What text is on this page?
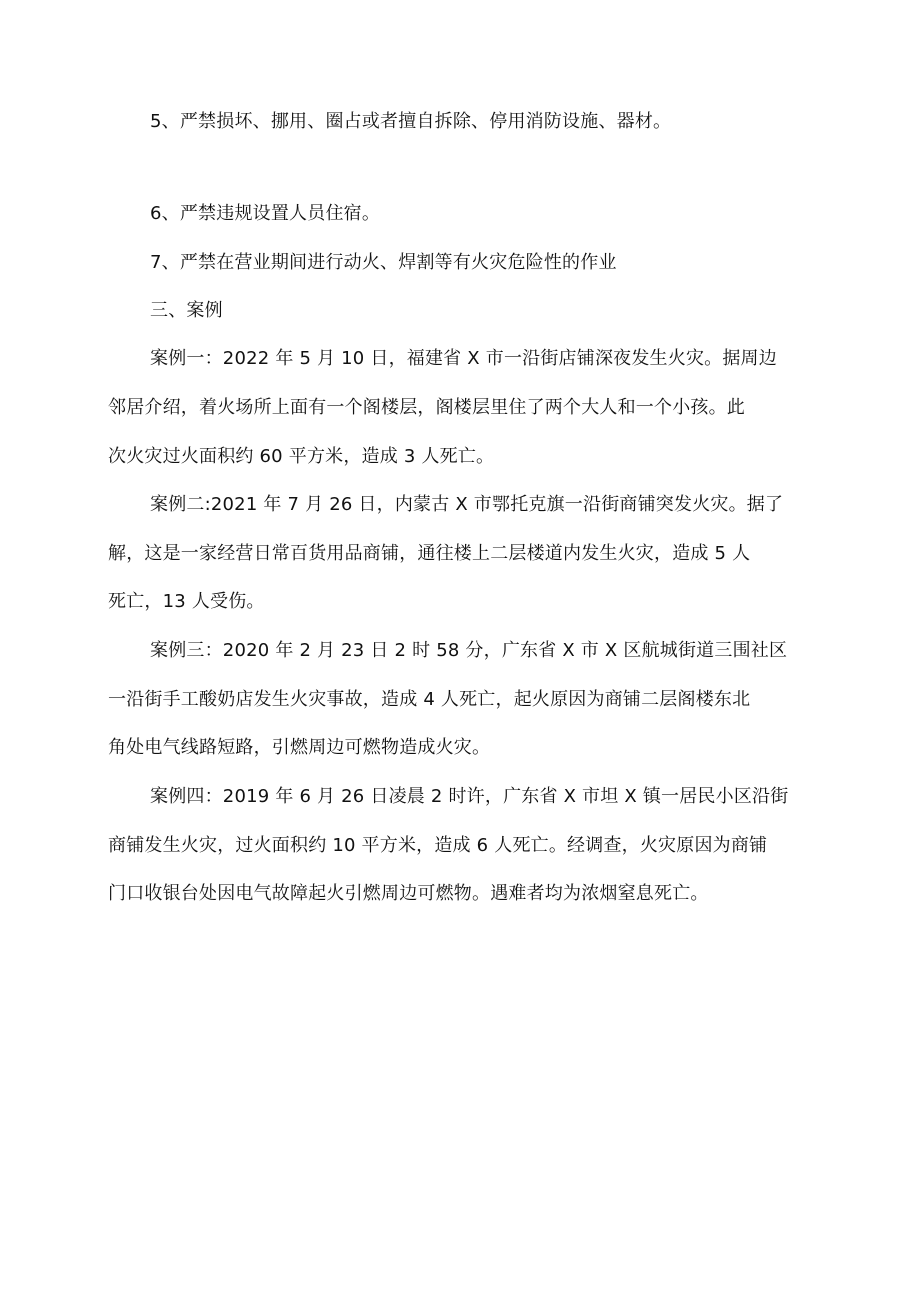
5、严禁损坏、挪用、圈占或者擅自拆除、停用消防设施、器材。
6、严禁违规设置人员住宿。
7、严禁在营业期间进行动火、焊割等有火灾危险性的作业
三、案例
案例一：2022 年 5 月 10 日，福建省 X 市一沿街店铺深夜发生火灾。据周边
邻居介绍，着火场所上面有一个阁楼层，阁楼层里住了两个大人和一个小孩。此
次火灾过火面积约 60 平方米，造成 3 人死亡。
案例二:2021 年 7 月 26 日，内蒙古 X 市鄂托克旗一沿街商铺突发火灾。据了
解，这是一家经营日常百货用品商铺，通往楼上二层楼道内发生火灾，造成 5 人
死亡，13 人受伤。
案例三：2020 年 2 月 23 日 2 时 58 分，广东省 X 市 X 区航城街道三围社区
一沿街手工酸奶店发生火灾事故，造成 4 人死亡，起火原因为商铺二层阁楼东北
角处电气线路短路，引燃周边可燃物造成火灾。
案例四：2019 年 6 月 26 日凌晨 2 时许，广东省 X 市坦 X 镇一居民小区沿街
商铺发生火灾，过火面积约 10 平方米，造成 6 人死亡。经调查，火灾原因为商铺
门口收银台处因电气故障起火引燃周边可燃物。遇难者均为浓烟窒息死亡。
